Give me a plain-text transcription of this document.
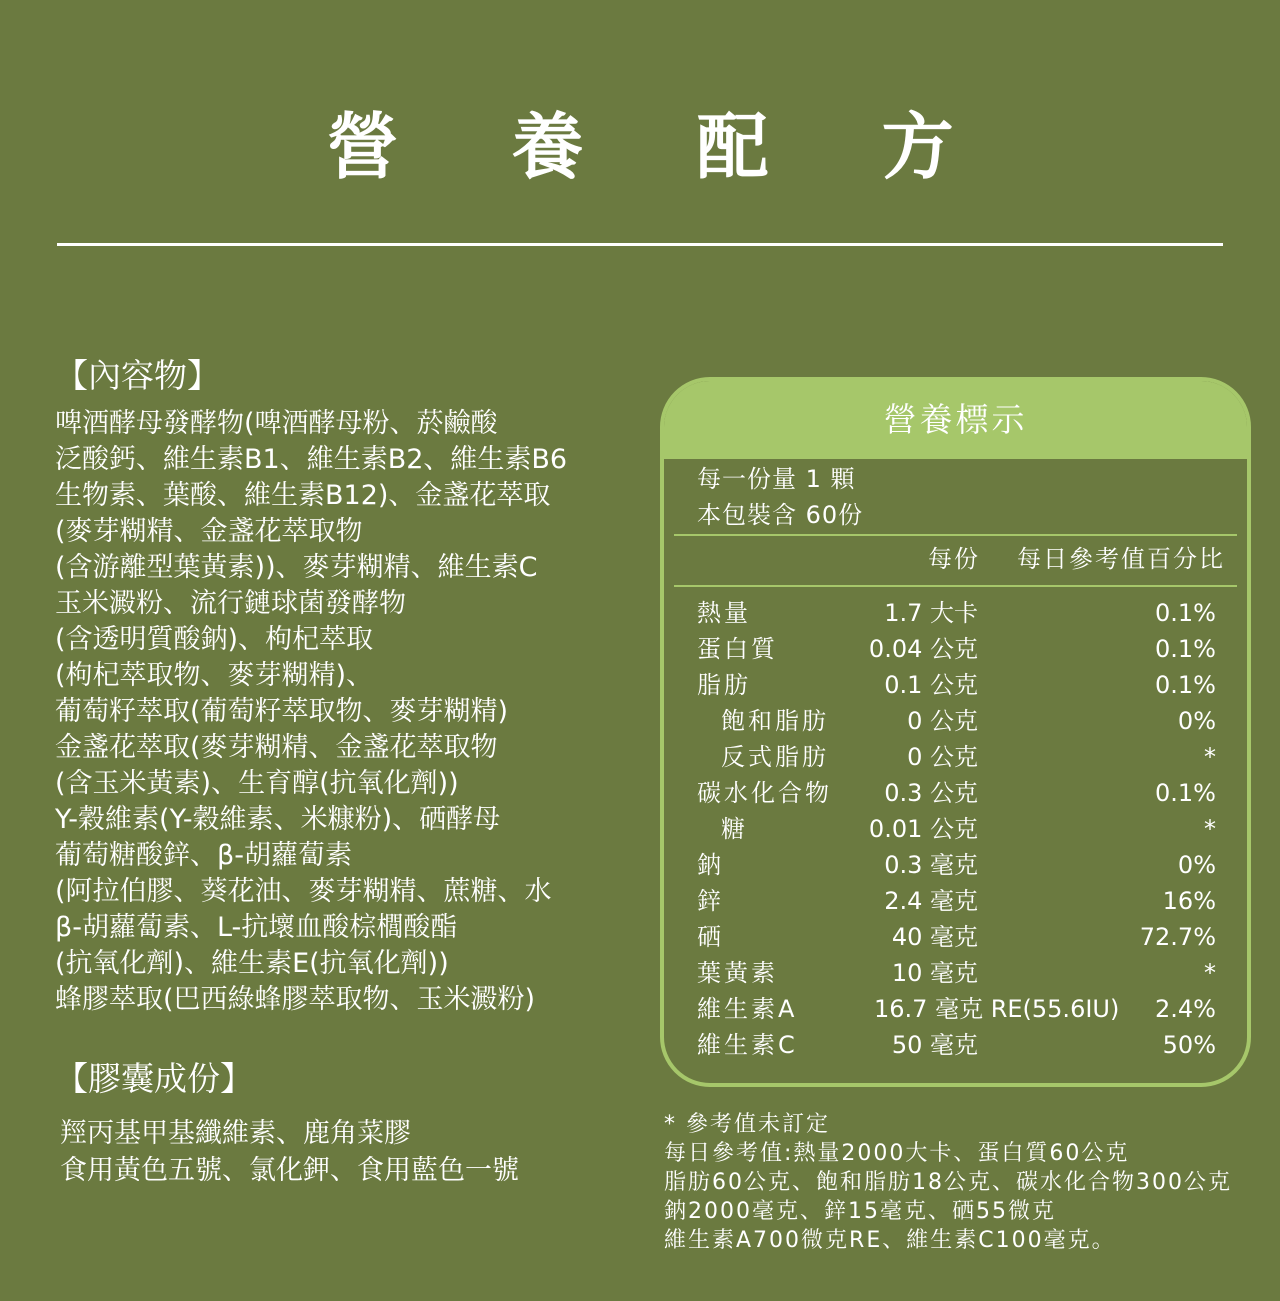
營 養 配 方
【內容物】
啤酒酵母發酵物(啤酒酵母粉、菸鹼酸
泛酸鈣、維生素B1、維生素B2、維生素B6
生物素、葉酸、維生素B12)、金盞花萃取
(麥芽糊精、金盞花萃取物
(含游離型葉黃素))、麥芽糊精、維生素C
玉米澱粉、流行鏈球菌發酵物
(含透明質酸鈉)、枸杞萃取
(枸杞萃取物、麥芽糊精)、
葡萄籽萃取(葡萄籽萃取物、麥芽糊精)
金盞花萃取(麥芽糊精、金盞花萃取物
(含玉米黃素)、生育醇(抗氧化劑))
Y-穀維素(Y-穀維素、米糠粉)、硒酵母
葡萄糖酸鋅、β-胡蘿蔔素
(阿拉伯膠、葵花油、麥芽糊精、蔗糖、水
β-胡蘿蔔素、L-抗壞血酸棕櫚酸酯
(抗氧化劑)、維生素E(抗氧化劑))
蜂膠萃取(巴西綠蜂膠萃取物、玉米澱粉)
【膠囊成份】
羥丙基甲基纖維素、鹿角菜膠
食用黃色五號、氯化鉀、食用藍色一號
營養標示
每一份量 1 顆
本包裝含 60份
每份 每日參考值百分比
熱量	1.7 大卡	0.1%
蛋白質	0.04 公克	0.1%
脂肪	0.1 公克	0.1%
飽和脂肪	0 公克	0%
反式脂肪	0 公克	*
碳水化合物 0.3 公克	0.1%
糖	0.01 公克	*
鈉	0.3 毫克	0%
鋅	2.4 毫克	16%
硒	40 毫克	72.7%
葉黃素	10 毫克	*
維生素A	16.7 毫克 RE(55.6IU) 2.4%
維生素C	50 毫克	50%
* 參考值未訂定
每日參考值:熱量2000大卡、蛋白質60公克
脂肪60公克、飽和脂肪18公克、碳水化合物300公克
鈉2000毫克、鋅15毫克、硒55微克
維生素A700微克RE、維生素C100毫克。
